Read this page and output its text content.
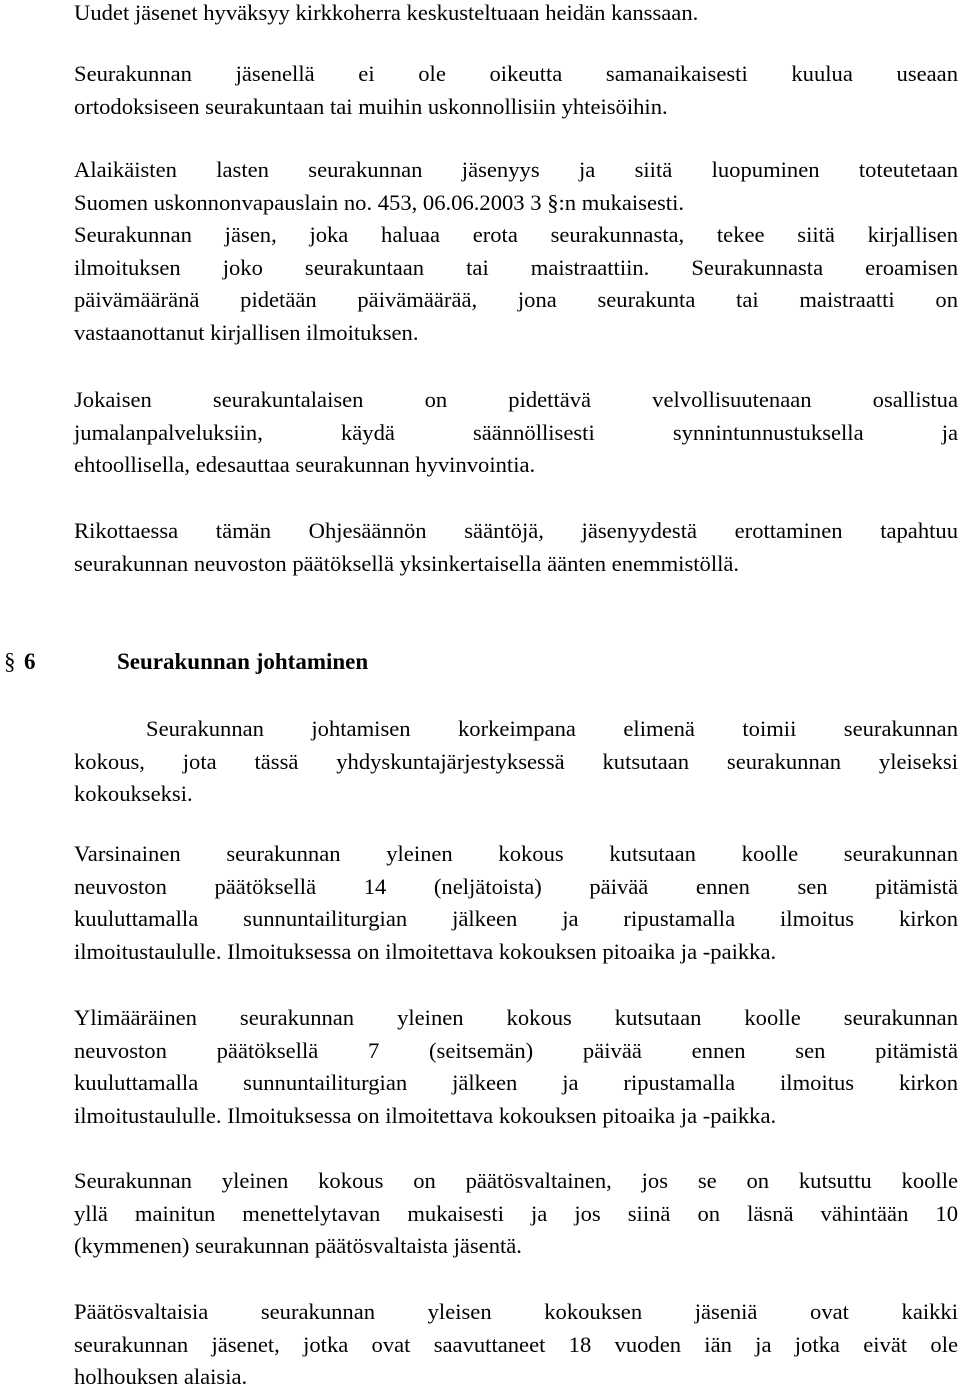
Uudet jäsenet hyväksyy kirkkoherra keskusteltuaan heidän kanssaan.

Seurakunnan jäsenellä ei ole oikeutta samanaikaisesti kuulua useaan
ortodoksiseen seurakuntaan tai muihin uskonnollisiin yhteisöihin.

Alaikäisten lasten seurakunnan jäsenyys ja siitä luopuminen toteutetaan
Suomen uskonnonvapauslain no. 453, 06.06.2003 3 §:n mukaisesti.
Seurakunnan jäsen, joka haluaa erota seurakunnasta, tekee siitä kirjallisen
ilmoituksen joko seurakuntaan tai maistraattiin. Seurakunnasta eroamisen
päivämääränä pidetään päivämäärää, jona seurakunta tai maistraatti on
vastaanottanut kirjallisen ilmoituksen.

Jokaisen seurakuntalaisen on pidettävä velvollisuutenaan osallistua
jumalanpalveluksiin, käydä säännöllisesti synnintunnustuksella ja
ehtoollisella, edesauttaa seurakunnan hyvinvointia.

Rikottaessa tämän Ohjesäännön sääntöjä, jäsenyydestä erottaminen tapahtuu
seurakunnan neuvoston päätöksellä yksinkertaisella äänten enemmistöllä.

§ 6	Seurakunnan johtaminen

Seurakunnan johtamisen korkeimpana elimenä toimii seurakunnan
kokous, jota tässä yhdyskuntajärjestyksessä kutsutaan seurakunnan yleiseksi
kokoukseksi.

Varsinainen seurakunnan yleinen kokous kutsutaan koolle seurakunnan
neuvoston päätöksellä 14 (neljätoista) päivää ennen sen pitämistä
kuuluttamalla sunnuntailiturgian jälkeen ja ripustamalla ilmoitus kirkon
ilmoitustaululle. Ilmoituksessa on ilmoitettava kokouksen pitoaika ja -paikka.

Ylimääräinen seurakunnan yleinen kokous kutsutaan koolle seurakunnan
neuvoston päätöksellä 7 (seitsemän) päivää ennen sen pitämistä
kuuluttamalla sunnuntailiturgian jälkeen ja ripustamalla ilmoitus kirkon
ilmoitustaululle. Ilmoituksessa on ilmoitettava kokouksen pitoaika ja -paikka.

Seurakunnan yleinen kokous on päätösvaltainen, jos se on kutsuttu koolle
yllä mainitun menettelytavan mukaisesti ja jos siinä on läsnä vähintään 10
(kymmenen) seurakunnan päätösvaltaista jäsentä.

Päätösvaltaisia seurakunnan yleisen kokouksen jäseniä ovat kaikki
seurakunnan jäsenet, jotka ovat saavuttaneet 18 vuoden iän ja jotka eivät ole
holhouksen alaisia.
